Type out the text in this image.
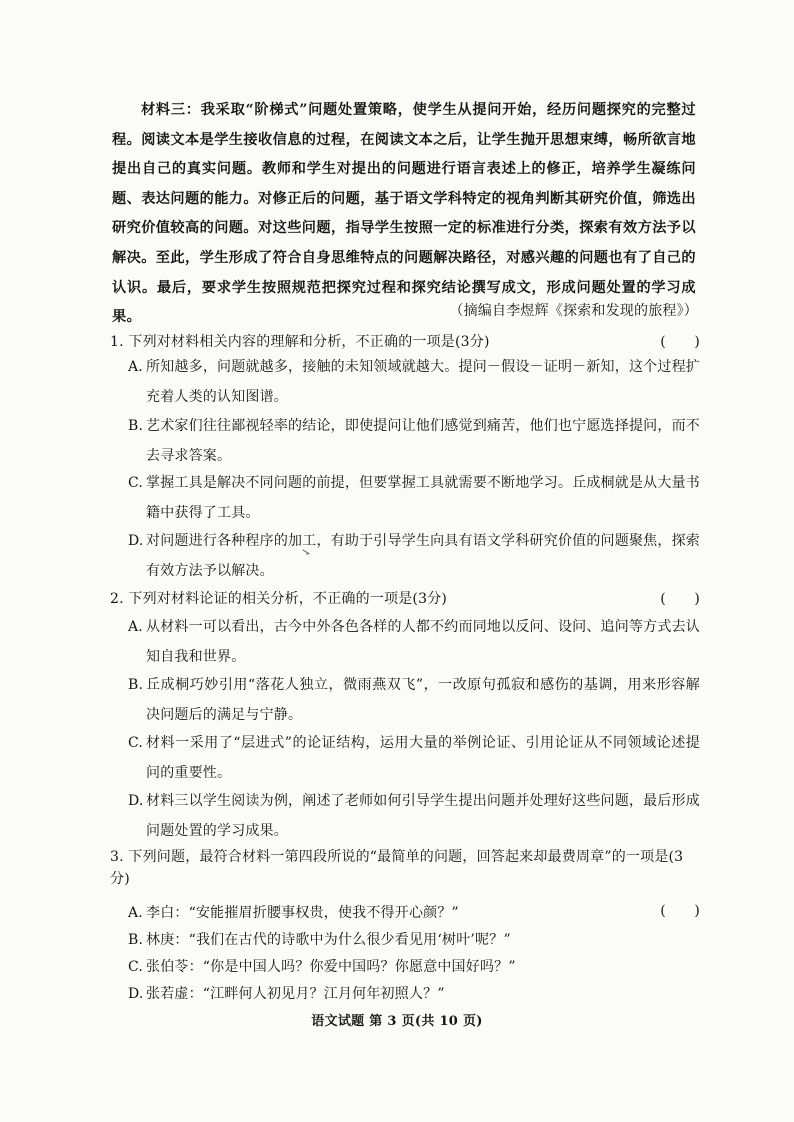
材料三：我采取“阶梯式”问题处置策略，使学生从提问开始，经历问题探究的完整过程。阅读文本是学生接收信息的过程，在阅读文本之后，让学生抛开思想束缚，畅所欲言地提出自己的真实问题。教师和学生对提出的问题进行语言表述上的修正，培养学生凝练问题、表达问题的能力。对修正后的问题，基于语文学科特定的视角判断其研究价值，筛选出研究价值较高的问题。对这些问题，指导学生按照一定的标准进行分类，探索有效方法予以解决。至此，学生形成了符合自身思维特点的问题解决路径，对感兴趣的问题也有了自己的认识。最后，要求学生按照规范把探究过程和探究结论撰写成文，形成问题处置的学习成果。	（摘编自李煜辉《探索和发现的旅程》）
1. 下列对材料相关内容的理解和分析，不正确的一项是(3分)	(　　)
A. 所知越多，问题就越多，接触的未知领域就越大。提问－假设－证明－新知，这个过程扩充着人类的认知图谱。
B. 艺术家们往往鄙视轻率的结论，即使提问让他们感觉到痛苦，他们也宁愿选择提问，而不去寻求答案。
C. 掌握工具是解决不同问题的前提，但要掌握工具就需要不断地学习。丘成桐就是从大量书籍中获得了工具。
D. 对问题进行各种程序的加工，有助于引导学生向具有语文学科研究价值的问题聚焦，探索有效方法予以解决。
2. 下列对材料论证的相关分析，不正确的一项是(3分)	(　　)
A. 从材料一可以看出，古今中外各色各样的人都不约而同地以反问、设问、追问等方式去认知自我和世界。
B. 丘成桐巧妙引用“落花人独立，微雨燕双飞”，一改原句孤寂和感伤的基调，用来形容解决问题后的满足与宁静。
C. 材料一采用了“层进式”的论证结构，运用大量的举例论证、引用论证从不同领域论述提问的重要性。
D. 材料三以学生阅读为例，阐述了老师如何引导学生提出问题并处理好这些问题，最后形成问题处置的学习成果。
3. 下列问题，最符合材料一第四段所说的“最简单的问题，回答起来却最费周章”的一项是(3分)
(　　)
A. 李白：“安能摧眉折腰事权贵，使我不得开心颜？”
B. 林庚：“我们在古代的诗歌中为什么很少看见用‘树叶’呢？”
C. 张伯苓：“你是中国人吗？你爱中国吗？你愿意中国好吗？”
D. 张若虚：“江畔何人初见月？江月何年初照人？”
语文试题 第 3 页(共 10 页)
